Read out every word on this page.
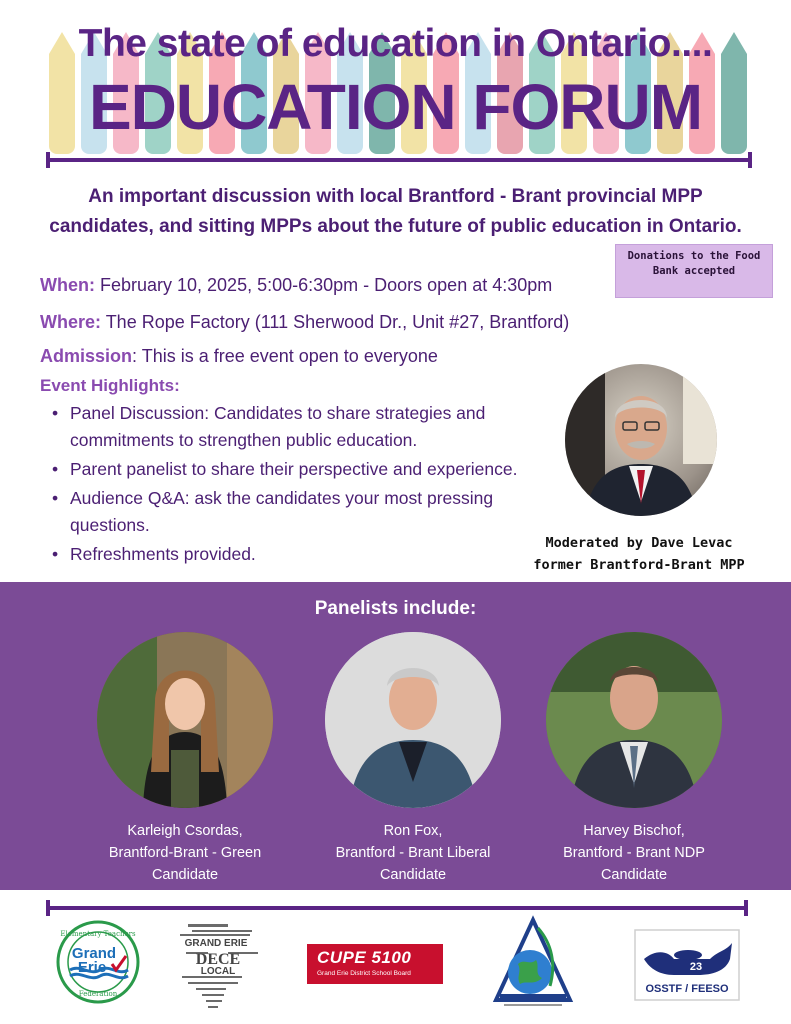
The state of education in Ontario....
EDUCATION FORUM
An important discussion with local Brantford - Brant provincial MPP candidates, and sitting MPPs about the future of public education in Ontario.
Donations to the Food Bank accepted
When: February 10, 2025, 5:00-6:30pm - Doors open at 4:30pm
Where: The Rope Factory (111 Sherwood Dr., Unit #27, Brantford)
Admission: This is a free event open to everyone
Event Highlights:
• Panel Discussion: Candidates to share strategies and commitments to strengthen public education.
• Parent panelist to share their perspective and experience.
• Audience Q&A: ask the candidates your most pressing questions.
• Refreshments provided.
Moderated by Dave Levac
former Brantford-Brant MPP
Panelists include:
Karleigh Csordas,
Brantford-Brant - Green
Candidate
Ron Fox,
Brantford - Brant Liberal
Candidate
Harvey Bischof,
Brantford - Brant NDP
Candidate
Elementary Teachers
Grand
Erie
Federation
GRAND ERIE
DECE
LOCAL
CUPE 5100
Grand Erie District School Board
23
OSSTF / FEESO
